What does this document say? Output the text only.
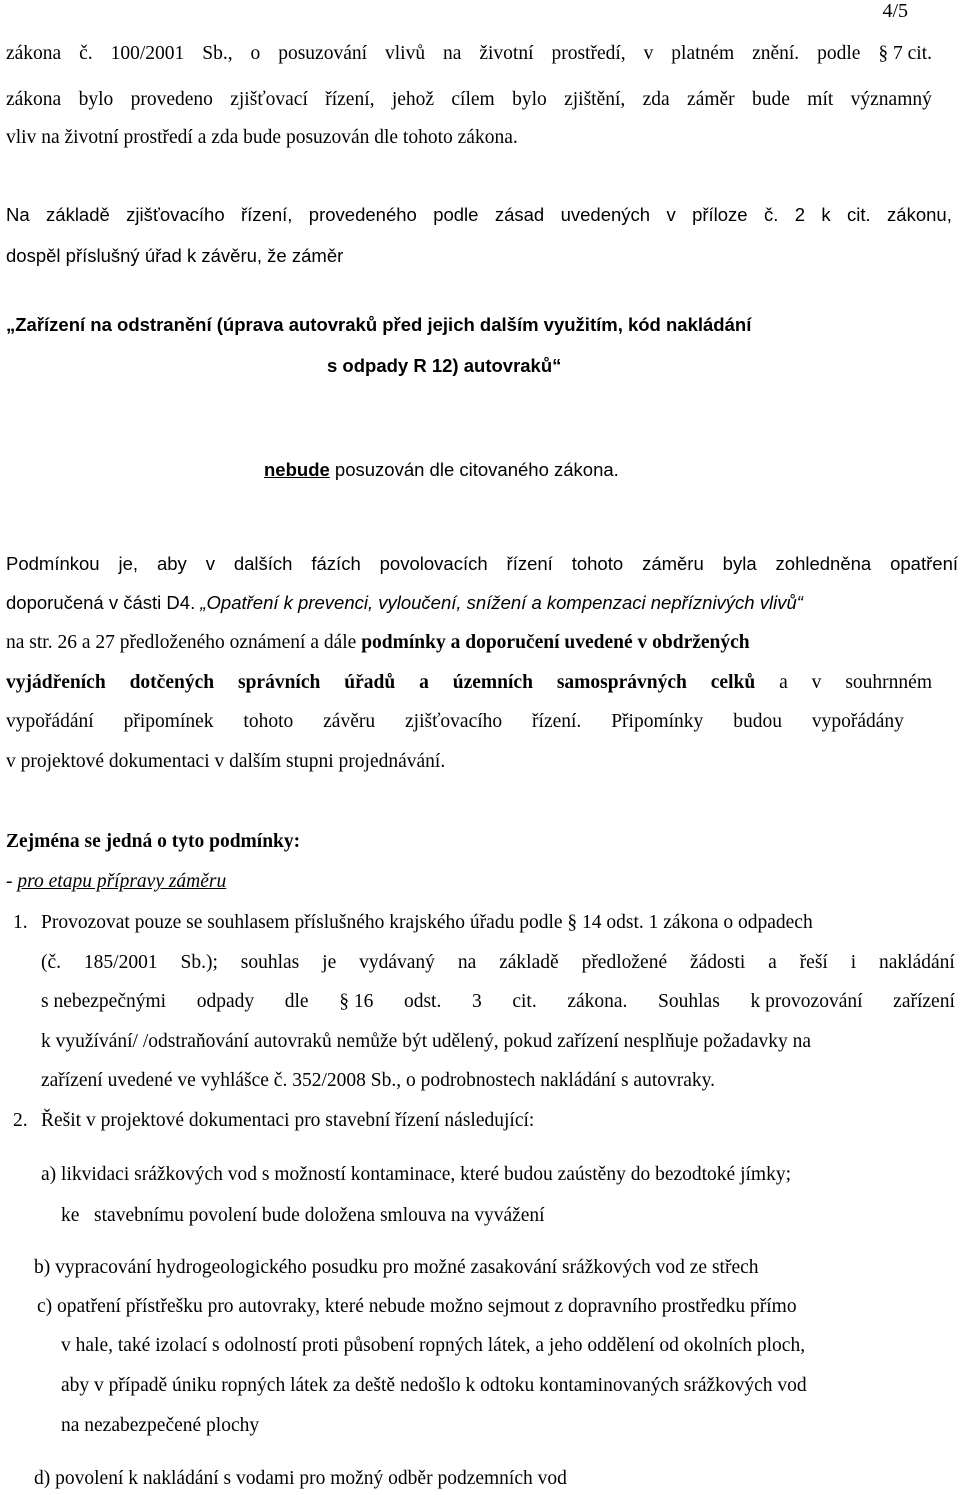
4/5
zákona č. 100/2001 Sb., o posuzování vlivů na životní prostředí, v platném znění. podle § 7 cit.
zákona bylo provedeno zjišťovací řízení, jehož cílem bylo zjištění, zda záměr bude mít významný
vliv na životní prostředí a zda bude posuzován dle tohoto zákona.
Na základě zjišťovacího řízení, provedeného podle zásad uvedených v příloze č. 2 k cit. zákonu,
dospěl příslušný úřad k závěru, že záměr
„Zařízení na odstranění (úprava autovraků před jejich dalším využitím, kód nakládání
s odpady R 12) autovraků“
nebude posuzován dle citovaného zákona.
Podmínkou je, aby v dalších fázích povolovacích řízení tohoto záměru byla zohledněna opatření
doporučená v části D4. „Opatření k prevenci, vyloučení, snížení a kompenzaci nepříznivých vlivů“
na str. 26 a 27 předloženého oznámení a dále podmínky a doporučení uvedené v obdržených
vyjádřeních dotčených správních úřadů a územních samosprávných celků a v souhrnném
vypořádání připomínek tohoto závěru zjišťovacího řízení. Připomínky budou vypořádány
v projektové dokumentaci v dalším stupni projednávání.
Zejména se jedná o tyto podmínky:
- pro etapu přípravy záměru
1. Provozovat pouze se souhlasem příslušného krajského úřadu podle § 14 odst. 1 zákona o odpadech
(č. 185/2001 Sb.); souhlas je vydávaný na základě předložené žádosti a řeší i nakládání
s nebezpečnými odpady dle § 16 odst. 3 cit. zákona. Souhlas k provozování zařízení
k využívání/ /odstraňování autovraků nemůže být udělený, pokud zařízení nesplňuje požadavky na
zařízení uvedené ve vyhlášce č. 352/2008 Sb., o podrobnostech nakládání s autovraky.
2. Řešit v projektové dokumentaci pro stavební řízení následující:
a) likvidaci srážkových vod s možností kontaminace, které budou zaústěny do bezodtoké jímky;
ke   stavebnímu povolení bude doložena smlouva na vyvážení
b) vypracování hydrogeologického posudku pro možné zasakování srážkových vod ze střech
c) opatření přístřešku pro autovraky, které nebude možno sejmout z dopravního prostředku přímo
v hale, také izolací s odolností proti působení ropných látek, a jeho oddělení od okolních ploch,
aby v případě úniku ropných látek za deště nedošlo k odtoku kontaminovaných srážkových vod
na nezabezpečené plochy
d) povolení k nakládání s vodami pro možný odběr podzemních vod
